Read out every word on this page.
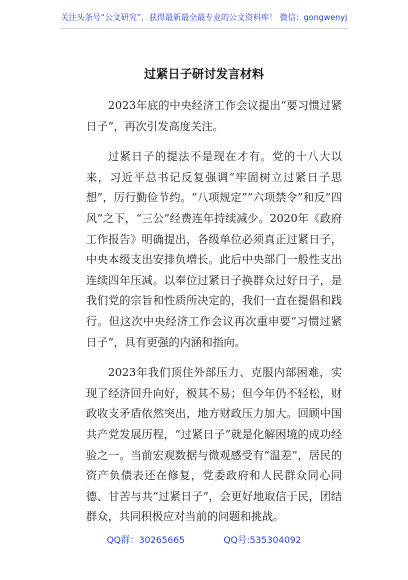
关注头条号“公文研究”，获得最新最全最专业的公文资料库！ 微信：gongwenyj
过紧日子研讨发言材料

2023年底的中央经济工作会议提出“要习惯过紧日子”，再次引发高度关注。

过紧日子的提法不是现在才有。党的十八大以来，习近平总书记反复强调“牢固树立过紧日子思想”，厉行勤俭节约。“八项规定”“六项禁令”和反“四风”之下，“三公”经费连年持续减少。2020年《政府工作报告》明确提出，各级单位必须真正过紧日子，中央本级支出安排负增长。此后中央部门一般性支出连续四年压减。以奉位过紧日子换群众过好日子，是我们党的宗旨和性质所决定的，我们一直在提倡和践行。但这次中央经济工作会议再次重申要“习惯过紧日子”，具有更强的内涵和指向。

2023年我们顶住外部压力、克服内部困难，实现了经济回升向好，极其不易；但今年仍不轻松，财政收支矛盾依然突出，地方财政压力加大。回顾中国共产党发展历程，“过紧日子”就是化解困境的成功经验之一。当前宏观数据与微观感受有“温差”，居民的资产负债表还在修复，党委政府和人民群众同心同德、甘苦与共“过紧日子”，会更好地取信于民，团结群众，共同积极应对当前的问题和挑战。

QQ群：30265665	QQ号:535304092
